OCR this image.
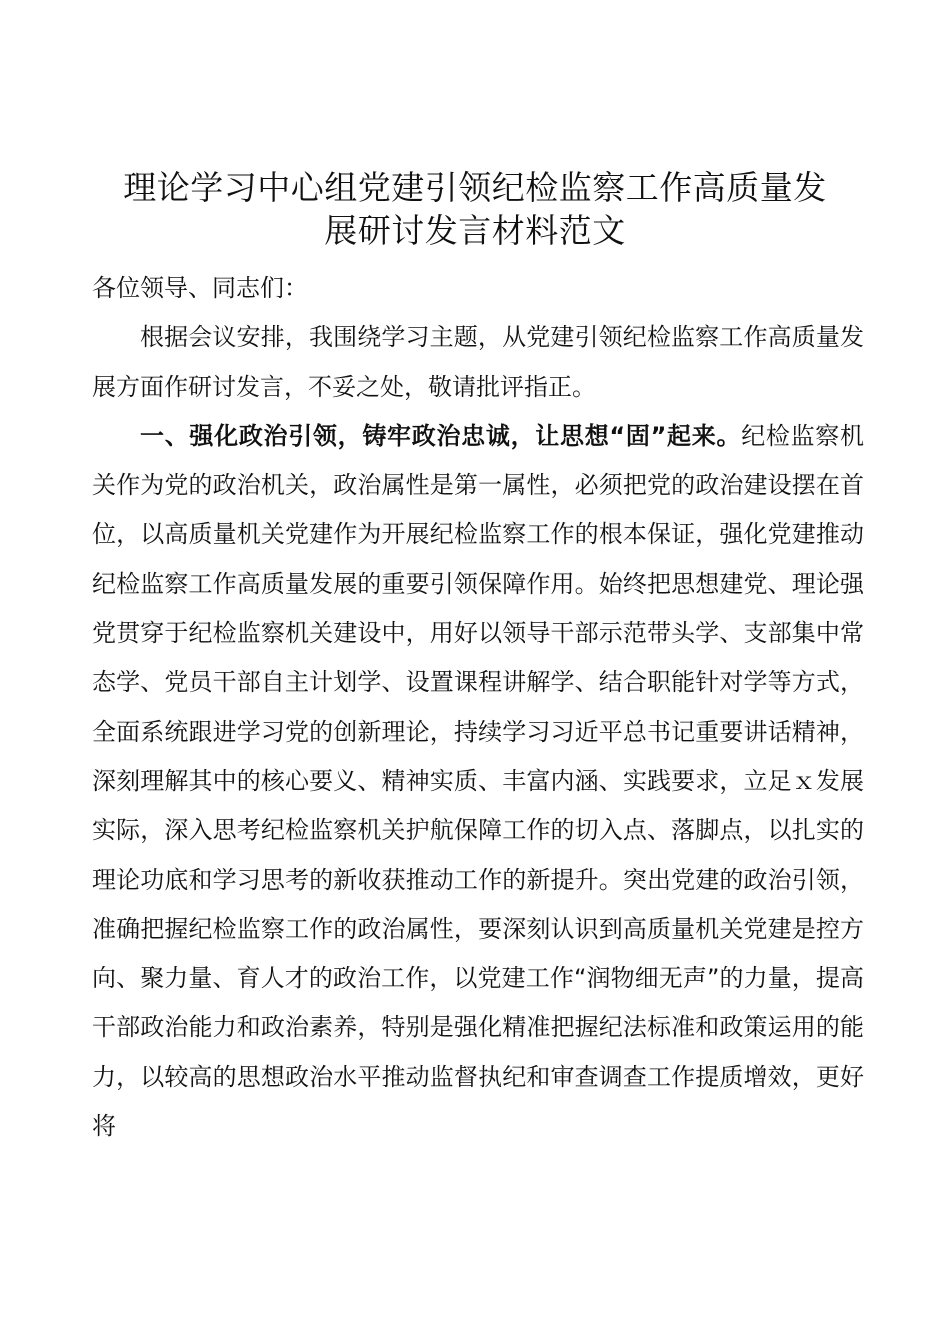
理论学习中心组党建引领纪检监察工作高质量发
展研讨发言材料范文

各位领导、同志们：

根据会议安排，我围绕学习主题，从党建引领纪检监察工作高质量发展方面作研讨发言，不妥之处，敬请批评指正。

一、强化政治引领，铸牢政治忠诚，让思想“固”起来。纪检监察机关作为党的政治机关，政治属性是第一属性，必须把党的政治建设摆在首位，以高质量机关党建作为开展纪检监察工作的根本保证，强化党建推动纪检监察工作高质量发展的重要引领保障作用。始终把思想建党、理论强党贯穿于纪检监察机关建设中，用好以领导干部示范带头学、支部集中常态学、党员干部自主计划学、设置课程讲解学、结合职能针对学等方式，全面系统跟进学习党的创新理论，持续学习习近平总书记重要讲话精神，深刻理解其中的核心要义、精神实质、丰富内涵、实践要求，立足ｘ发展实际，深入思考纪检监察机关护航保障工作的切入点、落脚点，以扎实的理论功底和学习思考的新收获推动工作的新提升。突出党建的政治引领，准确把握纪检监察工作的政治属性，要深刻认识到高质量机关党建是控方向、聚力量、育人才的政治工作，以党建工作“润物细无声”的力量，提高干部政治能力和政治素养，特别是强化精准把握纪法标准和政策运用的能力，以较高的思想政治水平推动监督执纪和审查调查工作提质增效，更好将
